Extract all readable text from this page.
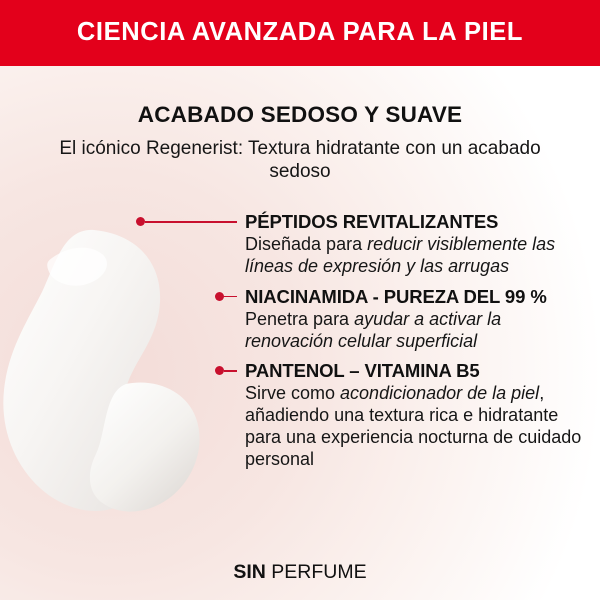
CIENCIA AVANZADA PARA LA PIEL
ACABADO SEDOSO Y SUAVE
El icónico Regenerist: Textura hidratante con un acabado sedoso
PÉPTIDOS REVITALIZANTES
Diseñada para reducir visiblemente las líneas de expresión y las arrugas
NIACINAMIDA - PUREZA DEL 99 %
Penetra para ayudar a activar la renovación celular superficial
PANTENOL – VITAMINA B5
Sirve como acondicionador de la piel, añadiendo una textura rica e hidratante para una experiencia nocturna de cuidado personal
SIN PERFUME
